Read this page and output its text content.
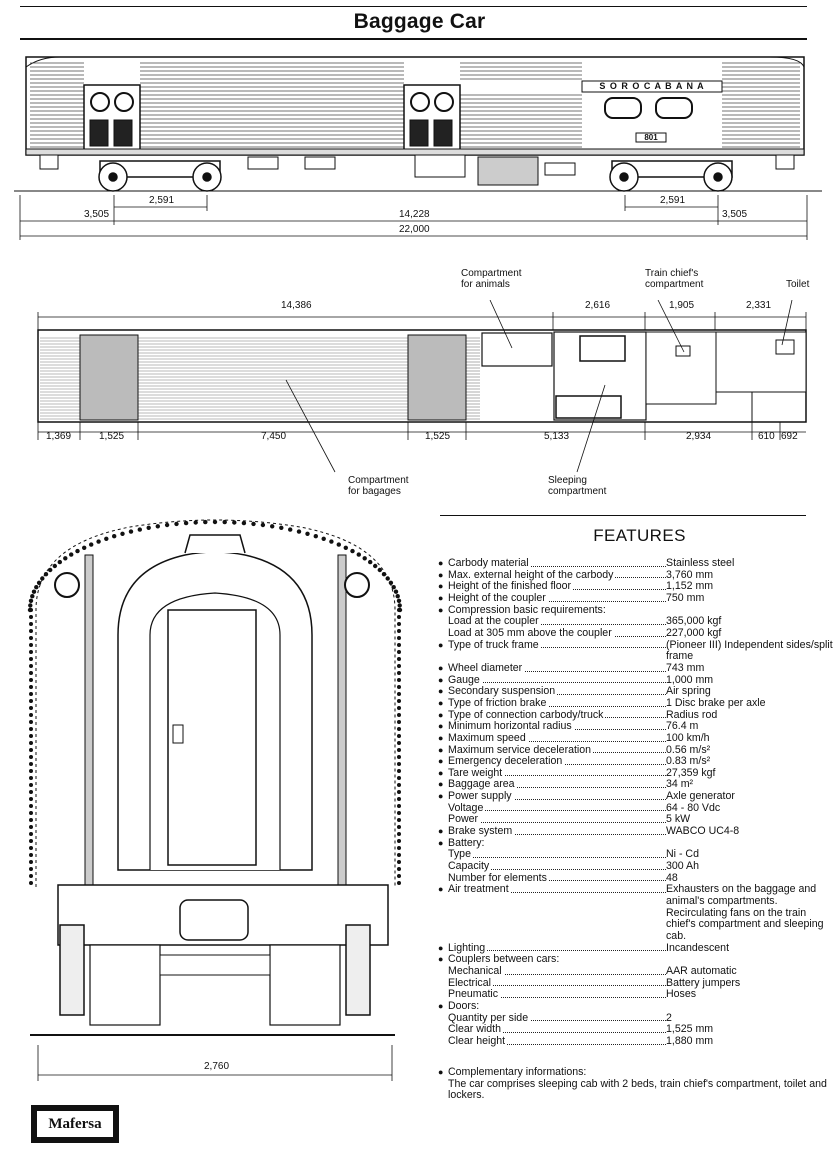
Baggage Car
S O R O C A B A N A
801
2,591	2,591
3,505	14,228	3,505
22,000
Compartment
for animals
Train chief's
compartment	Toilet
Compartment
for bagages
Sleeping
compartment
14,386	2,616	1,905	2,331
1,369	1,525	7,450	1,525	5,133	2,934	610 692
2,760
FEATURES
● Carbody material	Stainless steel
● Max. external height of the carbody	3,760 mm
● Height of the finished floor	1,152 mm
● Height of the coupler	750 mm
● Compression basic requirements:
Load at the coupler	365,000 kgf
Load at 305 mm above the coupler	227,000 kgf
● Type of truck frame	(Pioneer III) Independent sides/split frame
● Wheel diameter	743 mm
● Gauge	1,000 mm
● Secondary suspension	Air spring
● Type of friction brake	1 Disc brake per axle
● Type of connection carbody/truck	Radius rod
● Minimum horizontal radius	76.4 m
● Maximum speed	100 km/h
● Maximum service deceleration	0.56 m/s²
● Emergency deceleration	0.83 m/s²
● Tare weight	27,359 kgf
● Baggage area	34 m²
● Power supply	Axle generator
Voltage	64 - 80 Vdc
Power	5 kW
● Brake system	WABCO UC4-8
● Battery:
Type	Ni - Cd
Capacity	300 Ah
Number for elements	48
● Air treatment	Exhausters on the baggage and animal's compartments. Recirculating fans on the train chief's compartment and sleeping cab.
● Lighting	Incandescent
● Couplers between cars:
Mechanical	AAR automatic
Electrical	Battery jumpers
Pneumatic	Hoses
● Doors:
Quantity per side	2
Clear width	1,525 mm
Clear height	1,880 mm
● Complementary informations:
The car comprises sleeping cab with 2 beds, train chief's compartment, toilet and lockers.
Mafersa
